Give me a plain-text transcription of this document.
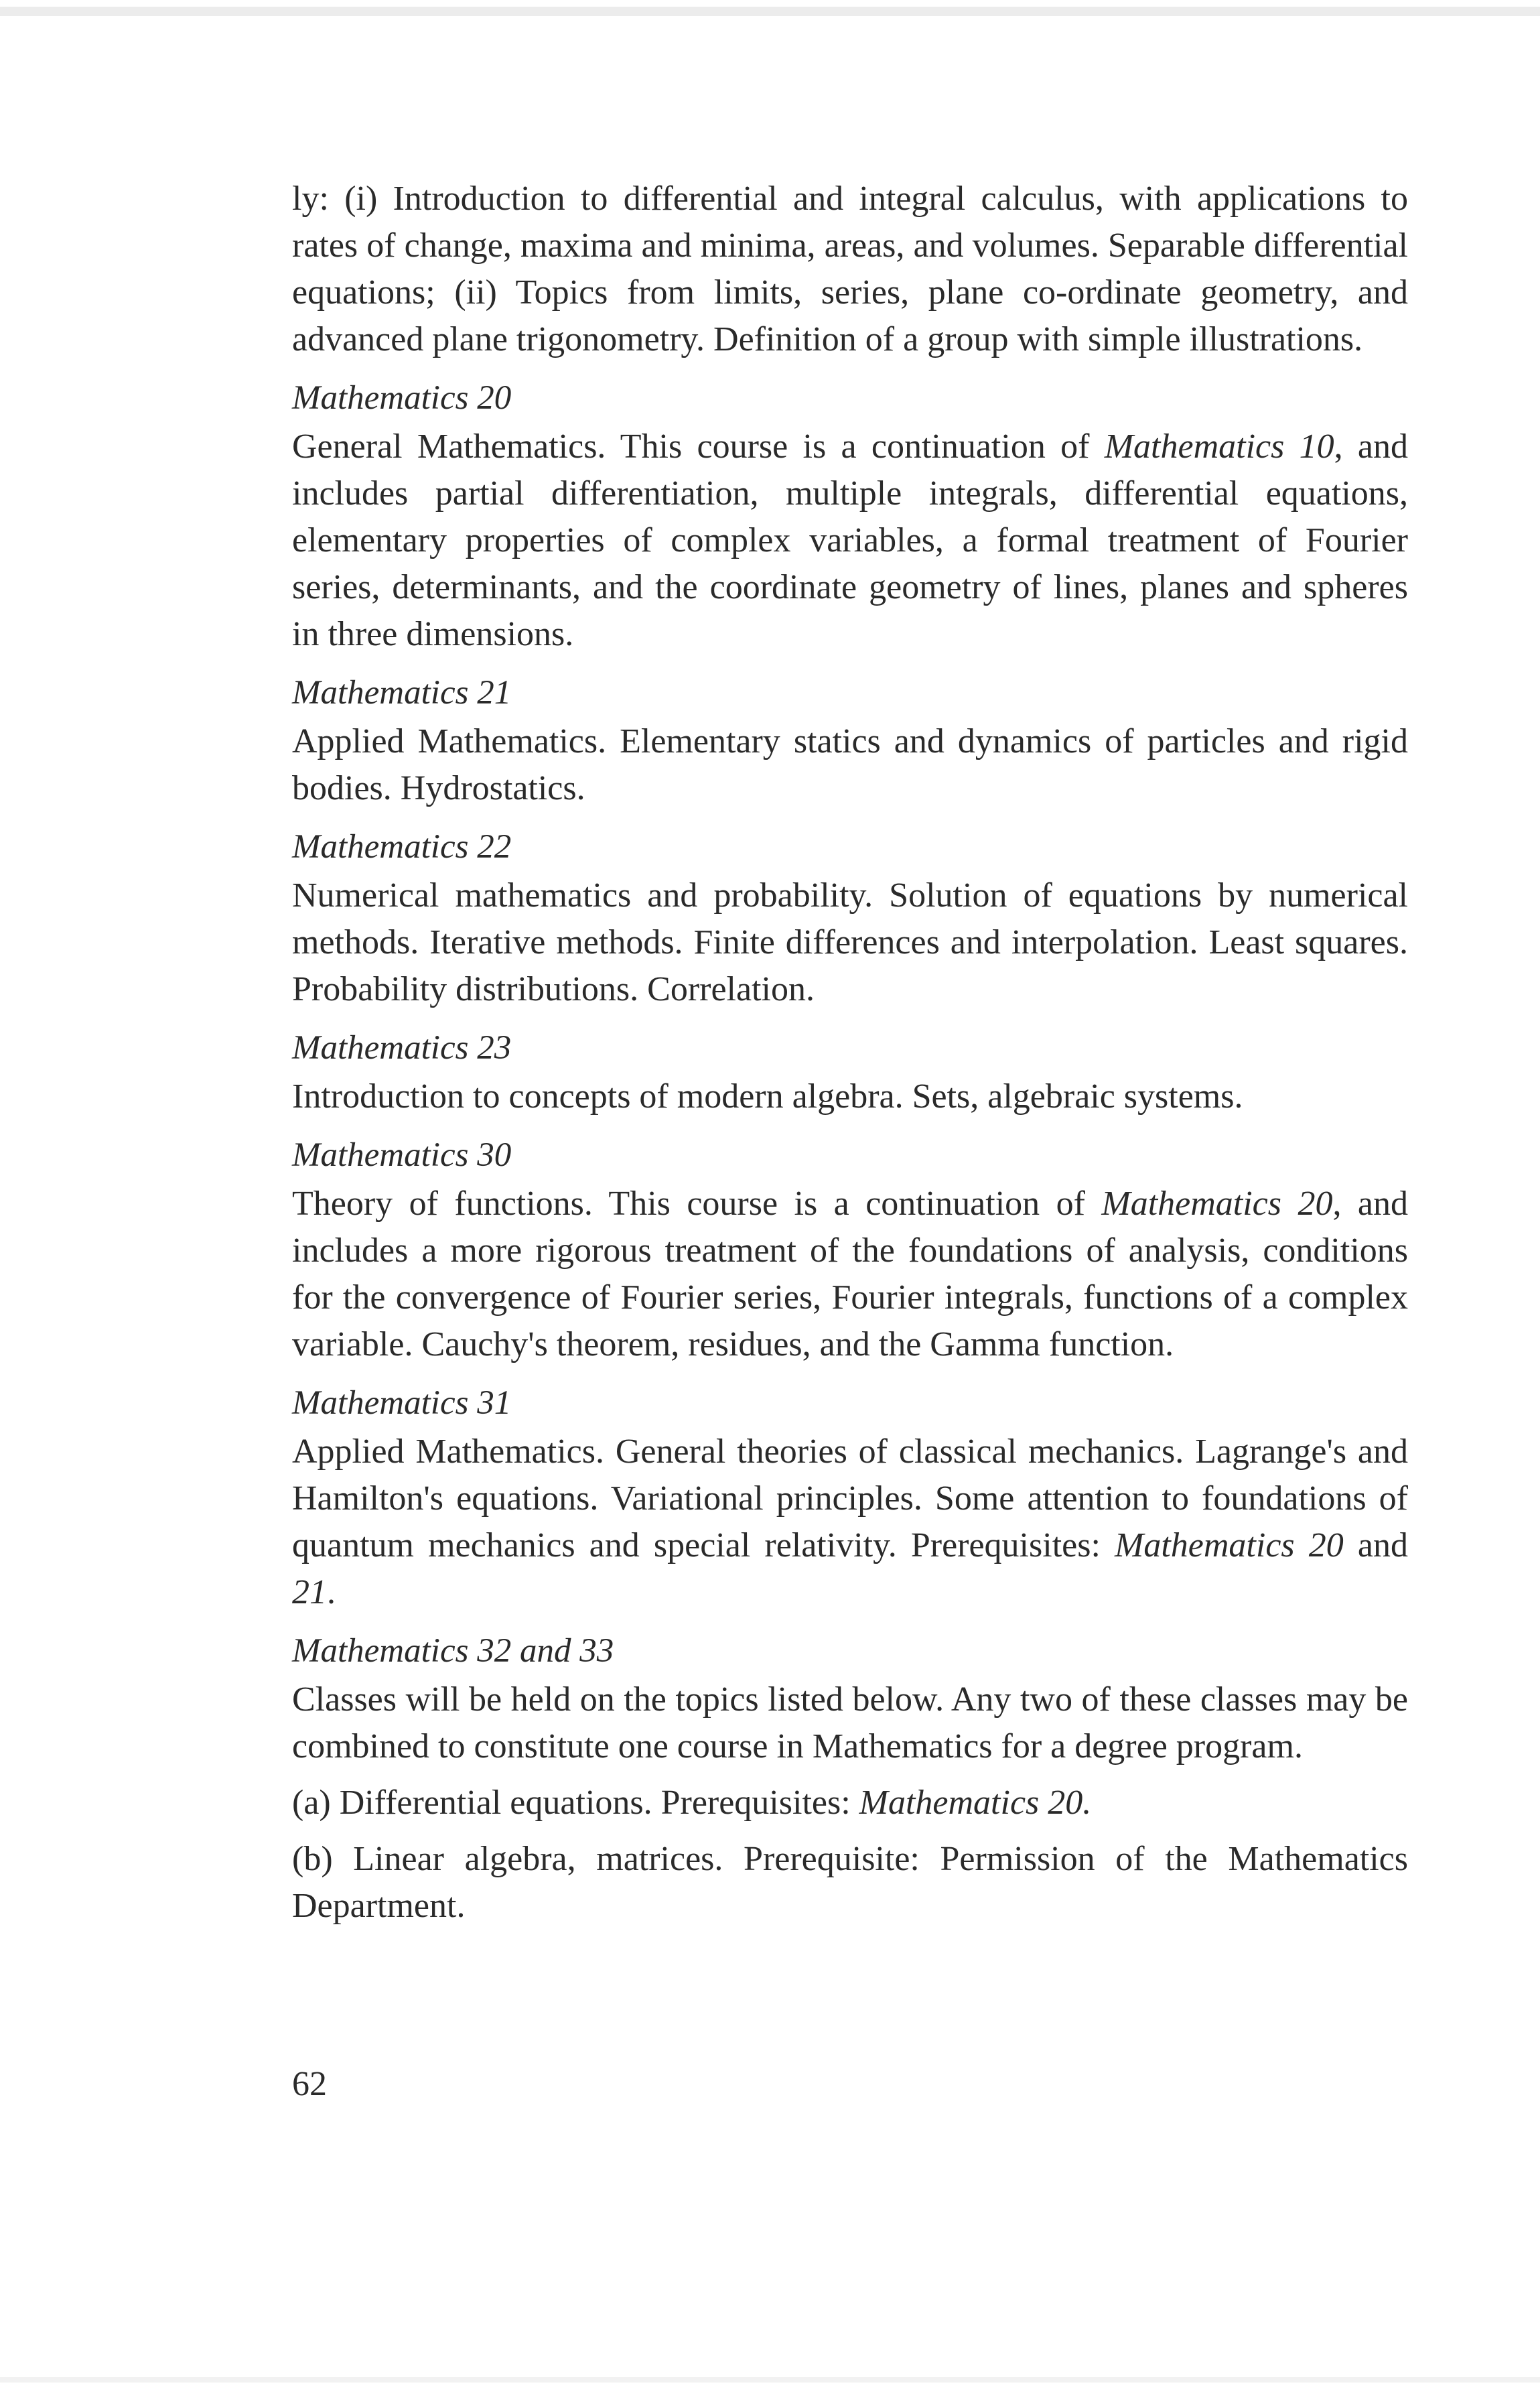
ly: (i) Introduction to differential and integral calculus, with applications to rates of change, maxima and minima, areas, and volumes. Separable differential equations; (ii) Topics from limits, series, plane co-ordinate geometry, and advanced plane trigonometry. Definition of a group with simple illustrations.

Mathematics 20

General Mathematics. This course is a continuation of Mathematics 10, and includes partial differentiation, multiple integrals, differential equations, elementary properties of complex variables, a formal treatment of Fourier series, determinants, and the coordinate geometry of lines, planes and spheres in three dimensions.

Mathematics 21

Applied Mathematics. Elementary statics and dynamics of particles and rigid bodies. Hydrostatics.

Mathematics 22

Numerical mathematics and probability. Solution of equations by numerical methods. Iterative methods. Finite differences and interpolation. Least squares. Probability distributions. Correlation.

Mathematics 23

Introduction to concepts of modern algebra. Sets, algebraic systems.

Mathematics 30

Theory of functions. This course is a continuation of Mathematics 20, and includes a more rigorous treatment of the foundations of analysis, conditions for the convergence of Fourier series, Fourier integrals, functions of a complex variable. Cauchy's theorem, residues, and the Gamma function.

Mathematics 31

Applied Mathematics. General theories of classical mechanics. Lagrange's and Hamilton's equations. Variational principles. Some attention to foundations of quantum mechanics and special relativity. Prerequisites: Mathematics 20 and 21.

Mathematics 32 and 33

Classes will be held on the topics listed below. Any two of these classes may be combined to constitute one course in Mathematics for a degree program.

(a) Differential equations. Prerequisites: Mathematics 20.

(b) Linear algebra, matrices. Prerequisite: Permission of the Mathematics Department.

62
